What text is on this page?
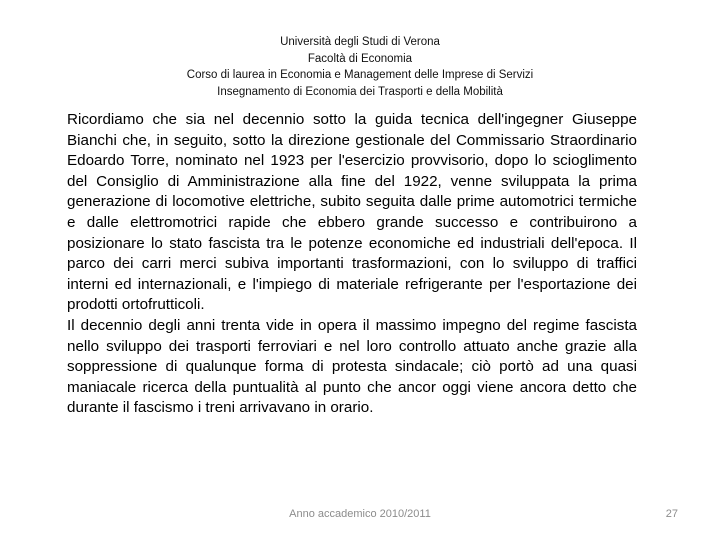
Università degli Studi di Verona
Facoltà di Economia
Corso di laurea in Economia e Management delle Imprese di Servizi
Insegnamento di Economia dei Trasporti e della Mobilità

Ricordiamo che sia nel decennio sotto la guida tecnica dell'ingegner Giuseppe Bianchi che, in seguito, sotto la direzione gestionale del Commissario Straordinario Edoardo Torre, nominato nel 1923 per l'esercizio provvisorio, dopo lo scioglimento del Consiglio di Amministrazione alla fine del 1922, venne sviluppata la prima generazione di locomotive elettriche, subito seguita dalle prime automotrici termiche e dalle elettromotrici rapide che ebbero grande successo e contribuirono a posizionare lo stato fascista tra le potenze economiche ed industriali dell'epoca. Il parco dei carri merci subiva importanti trasformazioni, con lo sviluppo di traffici interni ed internazionali, e l'impiego di materiale refrigerante per l'esportazione dei prodotti ortofrutticoli.

Il decennio degli anni trenta vide in opera il massimo impegno del regime fascista nello sviluppo dei trasporti ferroviari e nel loro controllo attuato anche grazie alla soppressione di qualunque forma di protesta sindacale; ciò portò ad una quasi maniacale ricerca della puntualità al punto che ancor oggi viene ancora detto che durante il fascismo i treni arrivavano in orario.

Anno accademico 2010/2011	27
